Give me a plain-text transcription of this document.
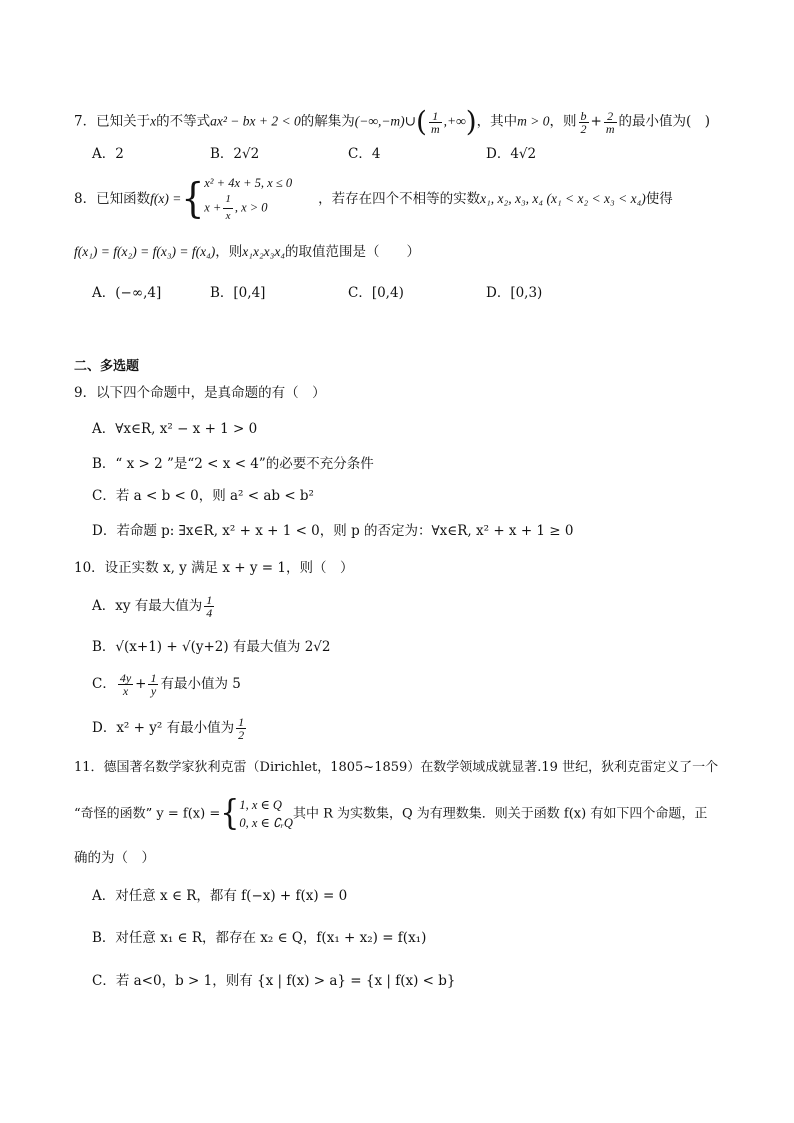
7．已知关于x的不等式ax² − bx + 2 < 0的解集为(−∞,−m)∪( $\frac{1}{m}$ ,+∞)，其中m > 0，则 $\frac{b}{2} + \frac{2}{m}$ 的最小值为(　)
A．2	B．2√2	C．4	D．4√2
8．已知函数f(x) ={ x² + 4x + 5, x ≤ 0
$x + \frac{1}{x}$ , x > 0
，若存在四个不相等的实数x₁, x₂, x₃, x₄ (x₁ < x₂ < x₃ < x₄)使得
f(x₁) = f(x₂) = f(x₃) = f(x₄)，则x₁x₂x₃x₄的取值范围是（　　）
A．(−∞,4]	B．[0,4]	C．[0,4)	D．[0,3)
二、多选题
9．以下四个命题中，是真命题的有（　）
A．∀x∈R, x² − x + 1 > 0
B．“ x > 2 ”是“2 < x < 4”的必要不充分条件
C．若 a < b < 0，则 a² < ab < b²
D．若命题 p: ∃x∈R, x² + x + 1 < 0，则 p 的否定为：∀x∈R, x² + x + 1 ≥ 0
10．设正实数 x, y 满足 x + y = 1，则（　）
A．xy 有最大值为 $\frac{1}{4}$
B．√(x+1) + √(y+2) 有最大值为 2√2
C． $\frac{4y}{x} + \frac{1}{y}$ 有最小值为 5
D．x² + y² 有最小值为 $\frac{1}{2}$
11．德国著名数学家狄利克雷（Dirichlet，1805~1859）在数学领域成就显著.19 世纪，狄利克雷定义了一个
“奇怪的函数” y = f(x) ={ 1, x ∈ Q
0, x ∈ ∁ᵣQ
其中 R 为实数集，Q 为有理数集．则关于函数 f(x) 有如下四个命题，正
确的为（　）
A．对任意 x ∈ R，都有 f(−x) + f(x) = 0
B．对任意 x₁ ∈ R，都存在 x₂ ∈ Q，f(x₁ + x₂) = f(x₁)
C．若 a<0，b > 1，则有 {x | f(x) > a} = {x | f(x) < b}
